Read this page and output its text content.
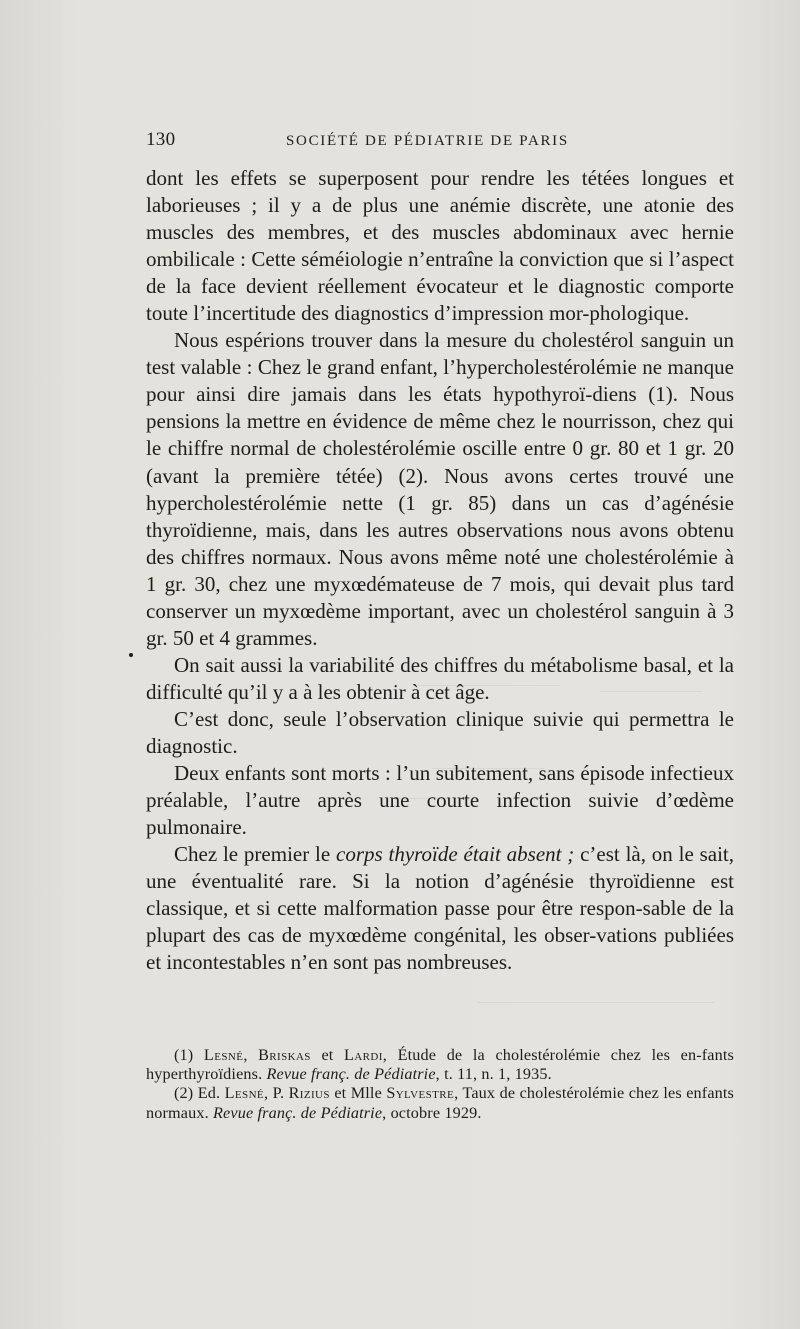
130	SOCIÉTÉ DE PÉDIATRIE DE PARIS

dont les effets se superposent pour rendre les tétées longues et laborieuses ; il y a de plus une anémie discrète, une atonie des muscles des membres, et des muscles abdominaux avec hernie ombilicale : Cette séméiologie n’entraîne la conviction que si l’aspect de la face devient réellement évocateur et le diagnostic comporte toute l’incertitude des diagnostics d’impression mor-phologique.

Nous espérions trouver dans la mesure du cholestérol sanguin un test valable : Chez le grand enfant, l’hypercholestérolémie ne manque pour ainsi dire jamais dans les états hypothyroï-diens (1). Nous pensions la mettre en évidence de même chez le nourrisson, chez qui le chiffre normal de cholestérolémie oscille entre 0 gr. 80 et 1 gr. 20 (avant la première tétée) (2). Nous avons certes trouvé une hypercholestérolémie nette (1 gr. 85) dans un cas d’agénésie thyroïdienne, mais, dans les autres observations nous avons obtenu des chiffres normaux. Nous avons même noté une cholestérolémie à 1 gr. 30, chez une myxœdémateuse de 7 mois, qui devait plus tard conserver un myxœdème important, avec un cholestérol sanguin à 3 gr. 50 et 4 grammes.

On sait aussi la variabilité des chiffres du métabolisme basal, et la difficulté qu’il y a à les obtenir à cet âge.

C’est donc, seule l’observation clinique suivie qui permettra le diagnostic.

Deux enfants sont morts : l’un subitement, sans épisode infectieux préalable, l’autre après une courte infection suivie d’œdème pulmonaire.

Chez le premier le corps thyroïde était absent ; c’est là, on le sait, une éventualité rare. Si la notion d’agénésie thyroïdienne est classique, et si cette malformation passe pour être respon-sable de la plupart des cas de myxœdème congénital, les obser-vations publiées et incontestables n’en sont pas nombreuses.

(1) Lesné, Briskas et Lardi, Étude de la cholestérolémie chez les en-fants hyperthyroïdiens. Revue franç. de Pédiatrie, t. 11, n. 1, 1935.

(2) Ed. Lesné, P. Rizius et Mlle Sylvestre, Taux de cholestérolémie chez les enfants normaux. Revue franç. de Pédiatrie, octobre 1929.
